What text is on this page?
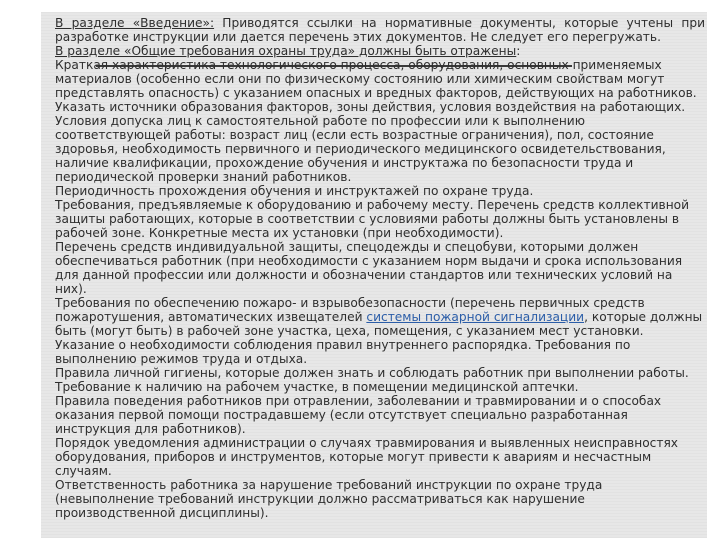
В разделе «Введение»: Приводятся ссылки на нормативные документы, которые учтены при
разработке инструкции или дается перечень этих документов. Не следует его перегружать.
В разделе «Общие требования охраны труда» должны быть отражены:
Краткая характеристика технологического процесса, оборудования, основных применяемых
материалов (особенно если они по физическому состоянию или химическим свойствам могут
представлять опасность) с указанием опасных и вредных факторов, действующих на работников.
Указать источники образования факторов, зоны действия, условия воздействия на работающих.
Условия допуска лиц к самостоятельной работе по профессии или к выполнению
соответствующей работы: возраст лиц (если есть возрастные ограничения), пол, состояние
здоровья, необходимость первичного и периодического медицинского освидетельствования,
наличие квалификации, прохождение обучения и инструктажа по безопасности труда и
периодической проверки знаний работников.
Периодичность прохождения обучения и инструктажей по охране труда.
Требования, предъявляемые к оборудованию и рабочему месту. Перечень средств коллективной
защиты работающих, которые в соответствии с условиями работы должны быть установлены в
рабочей зоне. Конкретные места их установки (при необходимости).
Перечень средств индивидуальной защиты, спецодежды и спецобуви, которыми должен
обеспечиваться работник (при необходимости с указанием норм выдачи и срока использования
для данной профессии или должности и обозначении стандартов или технических условий на
них).
Требования по обеспечению пожаро- и взрывобезопасности (перечень первичных средств
пожаротушения, автоматических извещателей системы пожарной сигнализации, которые должны
быть (могут быть) в рабочей зоне участка, цеха, помещения, с указанием мест установки.
Указание о необходимости соблюдения правил внутреннего распорядка. Требования по
выполнению режимов труда и отдыха.
Правила личной гигиены, которые должен знать и соблюдать работник при выполнении работы.
Требование к наличию на рабочем участке, в помещении медицинской аптечки.
Правила поведения работников при отравлении, заболевании и травмировании и о способах
оказания первой помощи пострадавшему (если отсутствует специально разработанная
инструкция для работников).
Порядок уведомления администрации о случаях травмирования и выявленных неисправностях
оборудования, приборов и инструментов, которые могут привести к авариям и несчастным
случаям.
Ответственность работника за нарушение требований инструкции по охране труда
(невыполнение требований инструкции должно рассматриваться как нарушение
производственной дисциплины).
